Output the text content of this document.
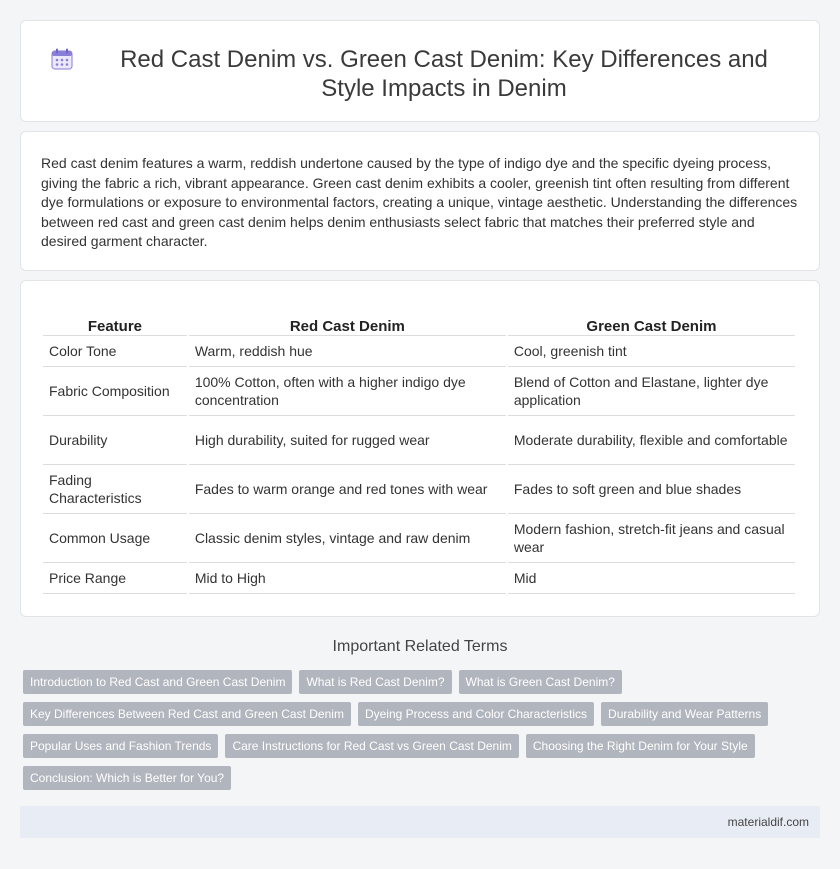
Red Cast Denim vs. Green Cast Denim: Key Differences and Style Impacts in Denim

Red cast denim features a warm, reddish undertone caused by the type of indigo dye and the specific dyeing process, giving the fabric a rich, vibrant appearance. Green cast denim exhibits a cooler, greenish tint often resulting from different dye formulations or exposure to environmental factors, creating a unique, vintage aesthetic. Understanding the differences between red cast and green cast denim helps denim enthusiasts select fabric that matches their preferred style and desired garment character.

Feature	Red Cast Denim	Green Cast Denim
Color Tone	Warm, reddish hue	Cool, greenish tint
Fabric Composition	100% Cotton, often with a higher indigo dye concentration	Blend of Cotton and Elastane, lighter dye application
Durability	High durability, suited for rugged wear	Moderate durability, flexible and comfortable
Fading Characteristics	Fades to warm orange and red tones with wear	Fades to soft green and blue shades
Common Usage	Classic denim styles, vintage and raw denim	Modern fashion, stretch-fit jeans and casual wear
Price Range	Mid to High	Mid
Important Related Terms
Introduction to Red Cast and Green Cast Denim	What is Red Cast Denim?	What is Green Cast Denim?
Key Differences Between Red Cast and Green Cast Denim	Dyeing Process and Color Characteristics	Durability and Wear Patterns
Popular Uses and Fashion Trends	Care Instructions for Red Cast vs Green Cast Denim	Choosing the Right Denim for Your Style
Conclusion: Which is Better for You?
materialdif.com
